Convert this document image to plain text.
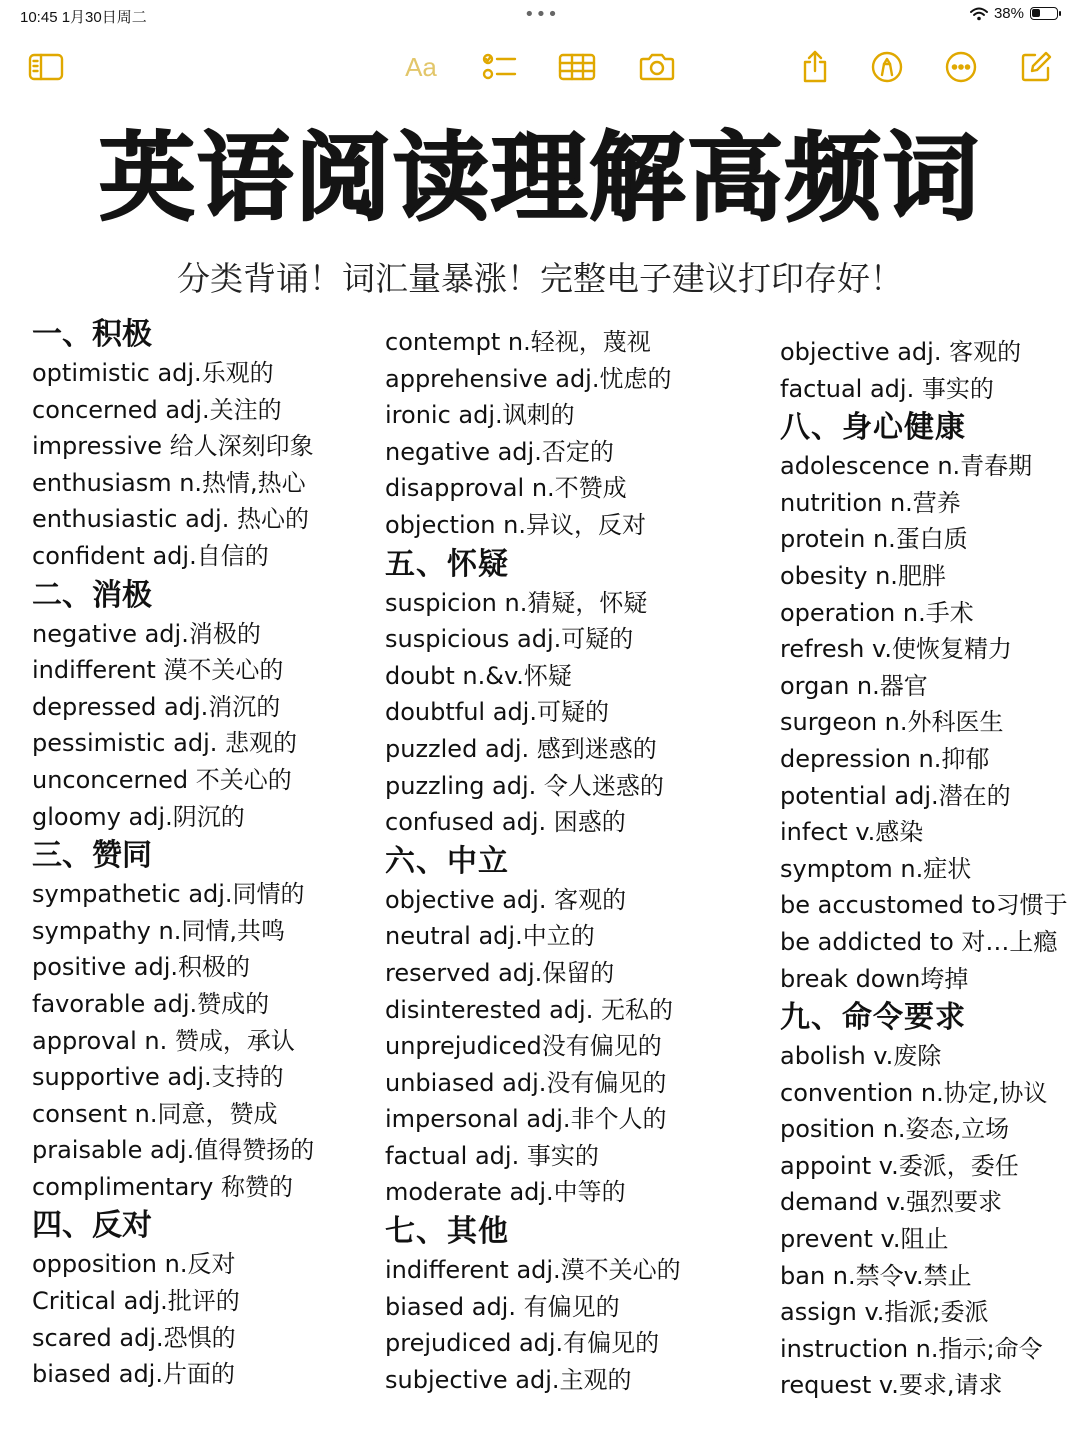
10:45 1月30日周二	•••	38%
Aa
英语阅读理解高频词
分类背诵！词汇量暴涨！完整电子建议打印存好！
一、积极
optimistic adj.乐观的
concerned adj.关注的
impressive 给人深刻印象
enthusiasm n.热情,热心
enthusiastic adj. 热心的
confident adj.自信的
二、消极
negative adj.消极的
indifferent 漠不关心的
depressed adj.消沉的
pessimistic adj. 悲观的
unconcerned 不关心的
gloomy adj.阴沉的
三、赞同
sympathetic adj.同情的
sympathy n.同情,共鸣
positive adj.积极的
favorable adj.赞成的
approval n. 赞成，承认
supportive adj.支持的
consent n.同意，赞成
praisable adj.值得赞扬的
complimentary 称赞的
四、反对
opposition n.反对
Critical adj.批评的
scared adj.恐惧的
biased adj.片面的
contempt n.轻视，蔑视
apprehensive adj.忧虑的
ironic adj.讽刺的
negative adj.否定的
disapproval n.不赞成
objection n.异议，反对
五、怀疑
suspicion n.猜疑，怀疑
suspicious adj.可疑的
doubt n.&v.怀疑
doubtful adj.可疑的
puzzled adj. 感到迷惑的
puzzling adj. 令人迷惑的
confused adj. 困惑的
六、中立
objective adj. 客观的
neutral adj.中立的
reserved adj.保留的
disinterested adj. 无私的
unprejudiced没有偏见的
unbiased adj.没有偏见的
impersonal adj.非个人的
factual adj. 事实的
moderate adj.中等的
七、其他
indifferent adj.漠不关心的
biased adj. 有偏见的
prejudiced adj.有偏见的
subjective adj.主观的
objective adj. 客观的
factual adj. 事实的
八、身心健康
adolescence n.青春期
nutrition n.营养
protein n.蛋白质
obesity n.肥胖
operation n.手术
refresh v.使恢复精力
organ n.器官
surgeon n.外科医生
depression n.抑郁
potential adj.潜在的
infect v.感染
symptom n.症状
be accustomed to习惯于
be addicted to 对…上瘾
break down垮掉
九、命令要求
abolish v.废除
convention n.协定,协议
position n.姿态,立场
appoint v.委派，委任
demand v.强烈要求
prevent v.阻止
ban n.禁令v.禁止
assign v.指派;委派
instruction n.指示;命令
request v.要求,请求
